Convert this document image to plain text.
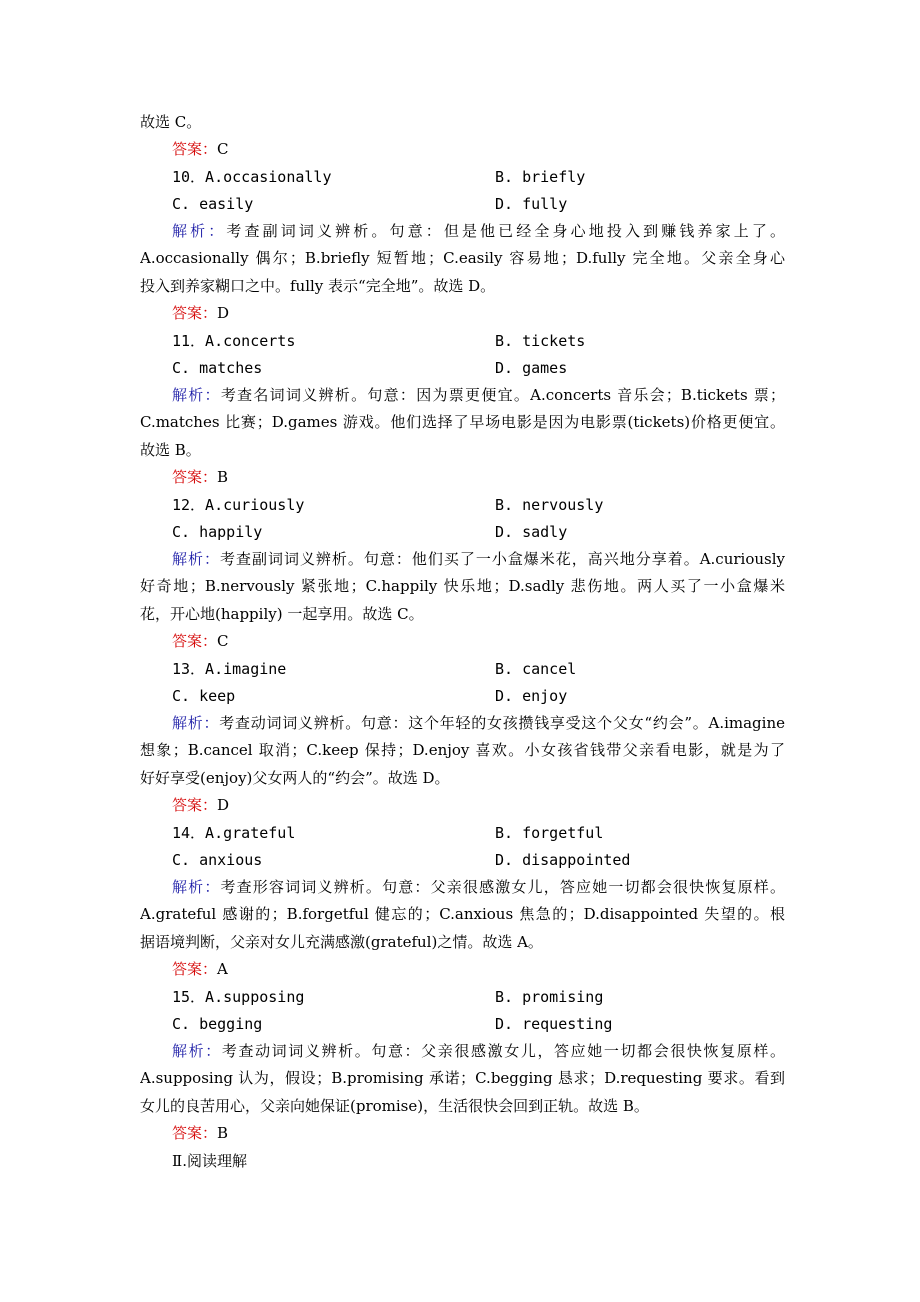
故选 C。
答案：C
10．A.occasionally	B. briefly
C. easily	D. fully
解析：考查副词词义辨析。句意：但是他已经全身心地投入到赚钱养家上了。
A.occasionally 偶尔；B.briefly 短暂地；C.easily 容易地；D.fully 完全地。父亲全身心
投入到养家糊口之中。fully 表示“完全地”。故选 D。
答案：D
11．A.concerts	B. tickets
C. matches	D. games
解析：考查名词词义辨析。句意：因为票更便宜。A.concerts 音乐会；B.tickets 票；
C.matches 比赛；D.games 游戏。他们选择了早场电影是因为电影票(tickets)价格更便宜。
故选 B。
答案：B
12．A.curiously	B. nervously
C. happily	D. sadly
解析：考查副词词义辨析。句意：他们买了一小盒爆米花，高兴地分享着。A.curiously
好奇地；B.nervously 紧张地；C.happily 快乐地；D.sadly 悲伤地。两人买了一小盒爆米
花，开心地(happily) 一起享用。故选 C。
答案：C
13．A.imagine	B. cancel
C. keep	D. enjoy
解析：考查动词词义辨析。句意：这个年轻的女孩攒钱享受这个父女“约会”。A.imagine
想象；B.cancel 取消；C.keep 保持；D.enjoy 喜欢。小女孩省钱带父亲看电影，就是为了
好好享受(enjoy)父女两人的“约会”。故选 D。
答案：D
14．A.grateful	B. forgetful
C. anxious	D. disappointed
解析：考查形容词词义辨析。句意：父亲很感激女儿，答应她一切都会很快恢复原样。
A.grateful 感谢的；B.forgetful 健忘的；C.anxious 焦急的；D.disappointed 失望的。根
据语境判断，父亲对女儿充满感激(grateful)之情。故选 A。
答案：A
15．A.supposing	B. promising
C. begging	D. requesting
解析：考查动词词义辨析。句意：父亲很感激女儿，答应她一切都会很快恢复原样。
A.supposing 认为，假设；B.promising 承诺；C.begging 恳求；D.requesting 要求。看到
女儿的良苦用心，父亲向她保证(promise)，生活很快会回到正轨。故选 B。
答案：B
Ⅱ.阅读理解
